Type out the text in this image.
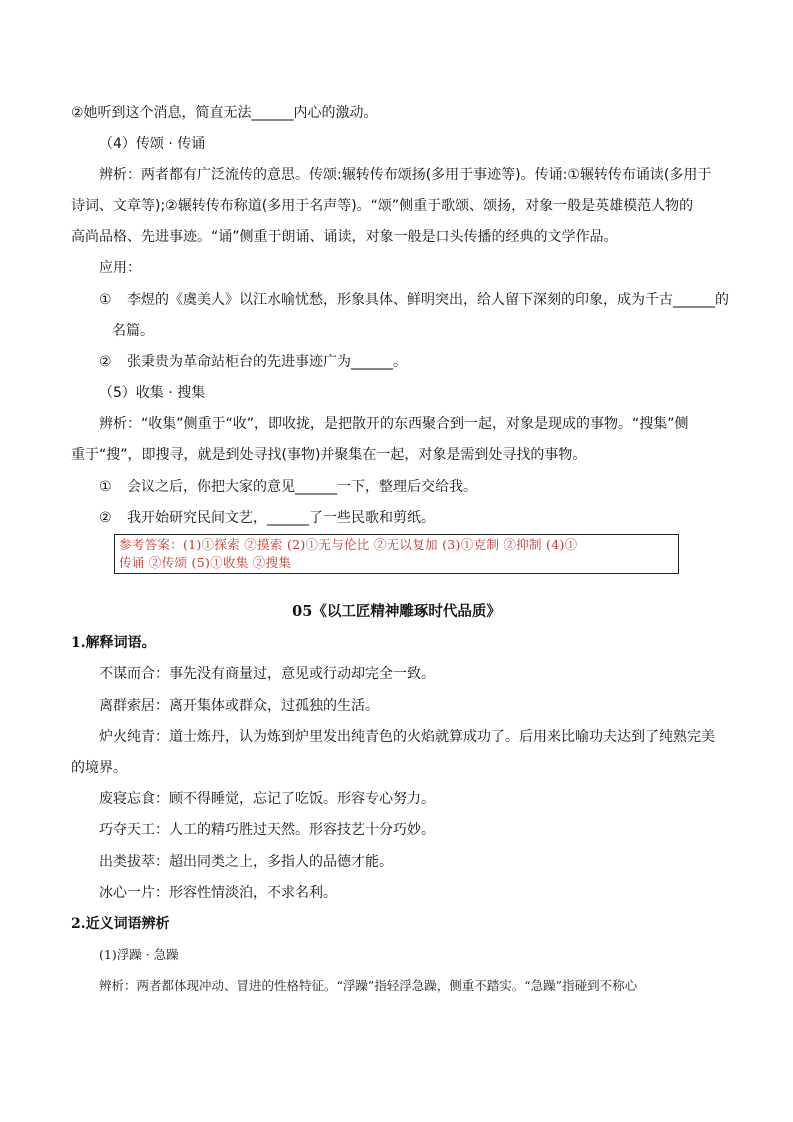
②她听到这个消息，简直无法______内心的激动。
（4）传颂 · 传诵
辨析：两者都有广泛流传的意思。传颂:辗转传布颂扬(多用于事迹等)。传诵:①辗转传布诵读(多用于
诗词、文章等);②辗转传布称道(多用于名声等)。“颂”侧重于歌颂、颂扬，对象一般是英雄模范人物的
高尚品格、先进事迹。“诵”侧重于朗诵、诵读，对象一般是口头传播的经典的文学作品。
应用：
① 李煜的《虞美人》以江水喻忧愁，形象具体、鲜明突出，给人留下深刻的印象，成为千古______的
名篇。
② 张秉贵为革命站柜台的先进事迹广为______。
（5）收集 · 搜集
辨析：“收集”侧重于“收”，即收拢，是把散开的东西聚合到一起，对象是现成的事物。“搜集”侧
重于“搜”，即搜寻，就是到处寻找(事物)并聚集在一起，对象是需到处寻找的事物。
① 会议之后，你把大家的意见______一下，整理后交给我。
② 我开始研究民间文艺，______了一些民歌和剪纸。
参考答案：(1)①探索 ②摸索 (2)①无与伦比 ②无以复加 (3)①克制 ②抑制 (4)①
传诵 ②传颂 (5)①收集 ②搜集
05《以工匠精神雕琢时代品质》
1.解释词语。
不谋而合：事先没有商量过，意见或行动却完全一致。
离群索居：离开集体或群众，过孤独的生活。
炉火纯青：道士炼丹，认为炼到炉里发出纯青色的火焰就算成功了。后用来比喻功夫达到了纯熟完美
的境界。
废寝忘食：顾不得睡觉，忘记了吃饭。形容专心努力。
巧夺天工：人工的精巧胜过天然。形容技艺十分巧妙。
出类拔萃：超出同类之上，多指人的品德才能。
冰心一片：形容性情淡泊，不求名利。
2.近义词语辨析
(1)浮躁 · 急躁
辨析：两者都体现冲动、冒进的性格特征。“浮躁”指轻浮急躁，侧重不踏实。“急躁”指碰到不称心
